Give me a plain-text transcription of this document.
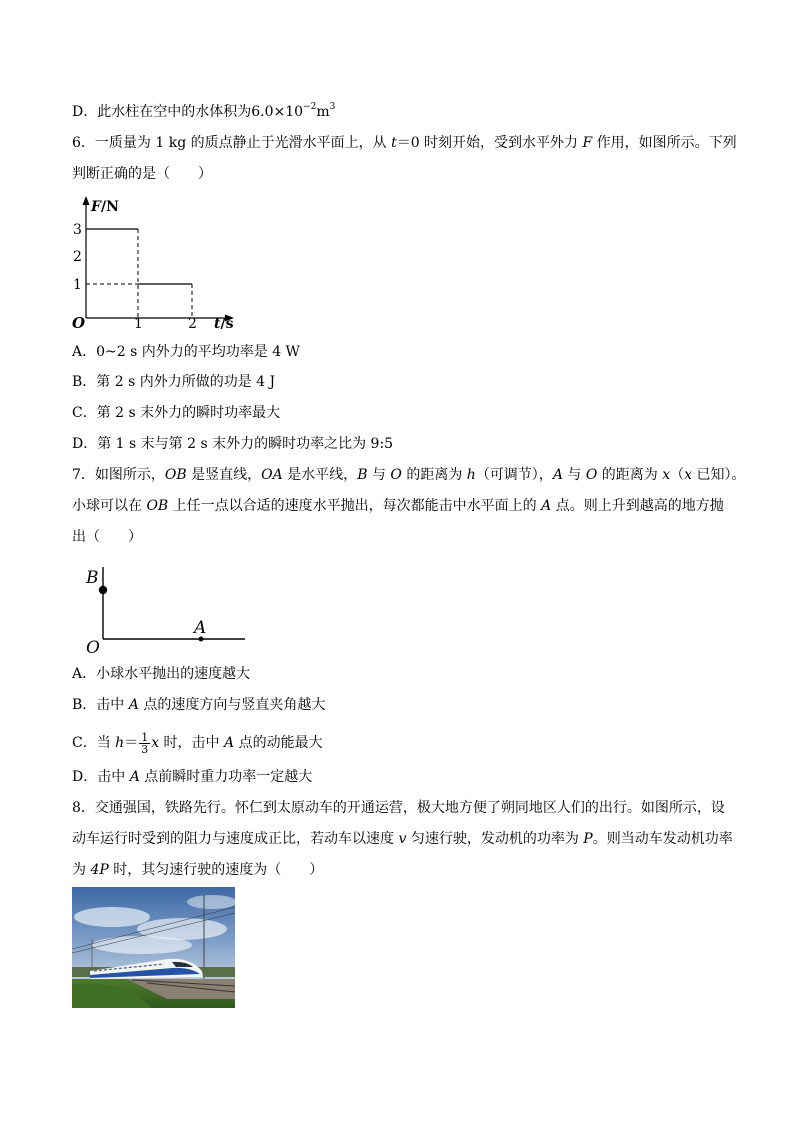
D．此水柱在空中的水体积为$6.0\times 10^{-2}m^3$
6．一质量为 1 kg 的质点静止于光滑水平面上，从 t＝0 时刻开始，受到水平外力 F 作用，如图所示。下列
判断正确的是（　　）
F/N
3
2
1
O	1	2 t/s
A．0~2 s 内外力的平均功率是 4 W
B．第 2 s 内外力所做的功是 4 J
C．第 2 s 末外力的瞬时功率最大
D．第 1 s 末与第 2 s 末外力的瞬时功率之比为 9:5
7．如图所示，OB 是竖直线，OA 是水平线，B 与 O 的距离为 h（可调节），A 与 O 的距离为 x（x 已知）。
小球可以在 OB 上任一点以合适的速度水平抛出，每次都能击中水平面上的 A 点。则上升到越高的地方抛
出（　　）
B
A
O
A．小球水平抛出的速度越大
B．击中 A 点的速度方向与竖直夹角越大
C．当 $h= \frac{1}{3}$ x 时，击中 A 点的动能最大
D．击中 A 点前瞬时重力功率一定越大
8．交通强国，铁路先行。怀仁到太原动车的开通运营，极大地方便了朔同地区人们的出行。如图所示，设
动车运行时受到的阻力与速度成正比，若动车以速度 v 匀速行驶，发动机的功率为 P。则当动车发动机功率
为 4P 时，其匀速行驶的速度为（　　）
